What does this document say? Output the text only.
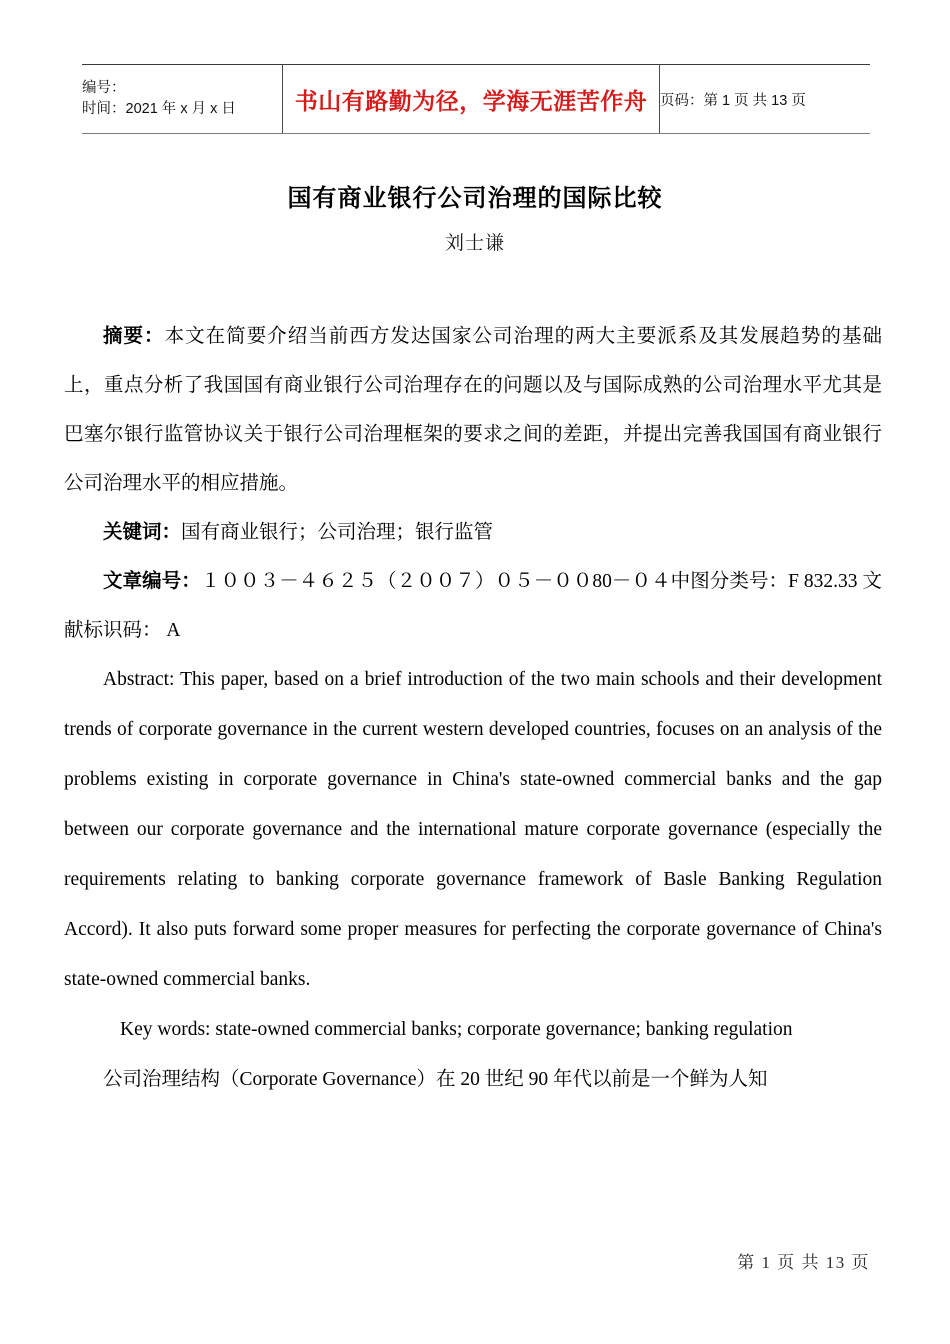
编号：
时间：2021 年 x 月 x 日	书山有路勤为径，学海无涯苦作舟	页码：第 1 页 共 13 页
国有商业银行公司治理的国际比较
刘士谦

摘要：本文在简要介绍当前西方发达国家公司治理的两大主要派系及其发展趋势的基础上，重点分析了我国国有商业银行公司治理存在的问题以及与国际成熟的公司治理水平尤其是巴塞尔银行监管协议关于银行公司治理框架的要求之间的差距，并提出完善我国国有商业银行公司治理水平的相应措施。

关键词：国有商业银行；公司治理；银行监管

文章编号：１００３－４６２５（２００７）０５－００80－０４中图分类号：F 832.33 文献标识码： A

Abstract: This paper, based on a brief introduction of the two main schools and their development trends of corporate governance in the current western developed countries, focuses on an analysis of the problems existing in corporate governance in China's state-owned commercial banks and the gap between our corporate governance and the international mature corporate governance (especially the requirements relating to banking corporate governance framework of Basle Banking Regulation Accord). It also puts forward some proper measures for perfecting the corporate governance of China's state-owned commercial banks.

Key words: state-owned commercial banks; corporate governance; banking regulation

公司治理结构（Corporate Governance）在 20 世纪 90 年代以前是一个鲜为人知

第 1 页 共 13 页
